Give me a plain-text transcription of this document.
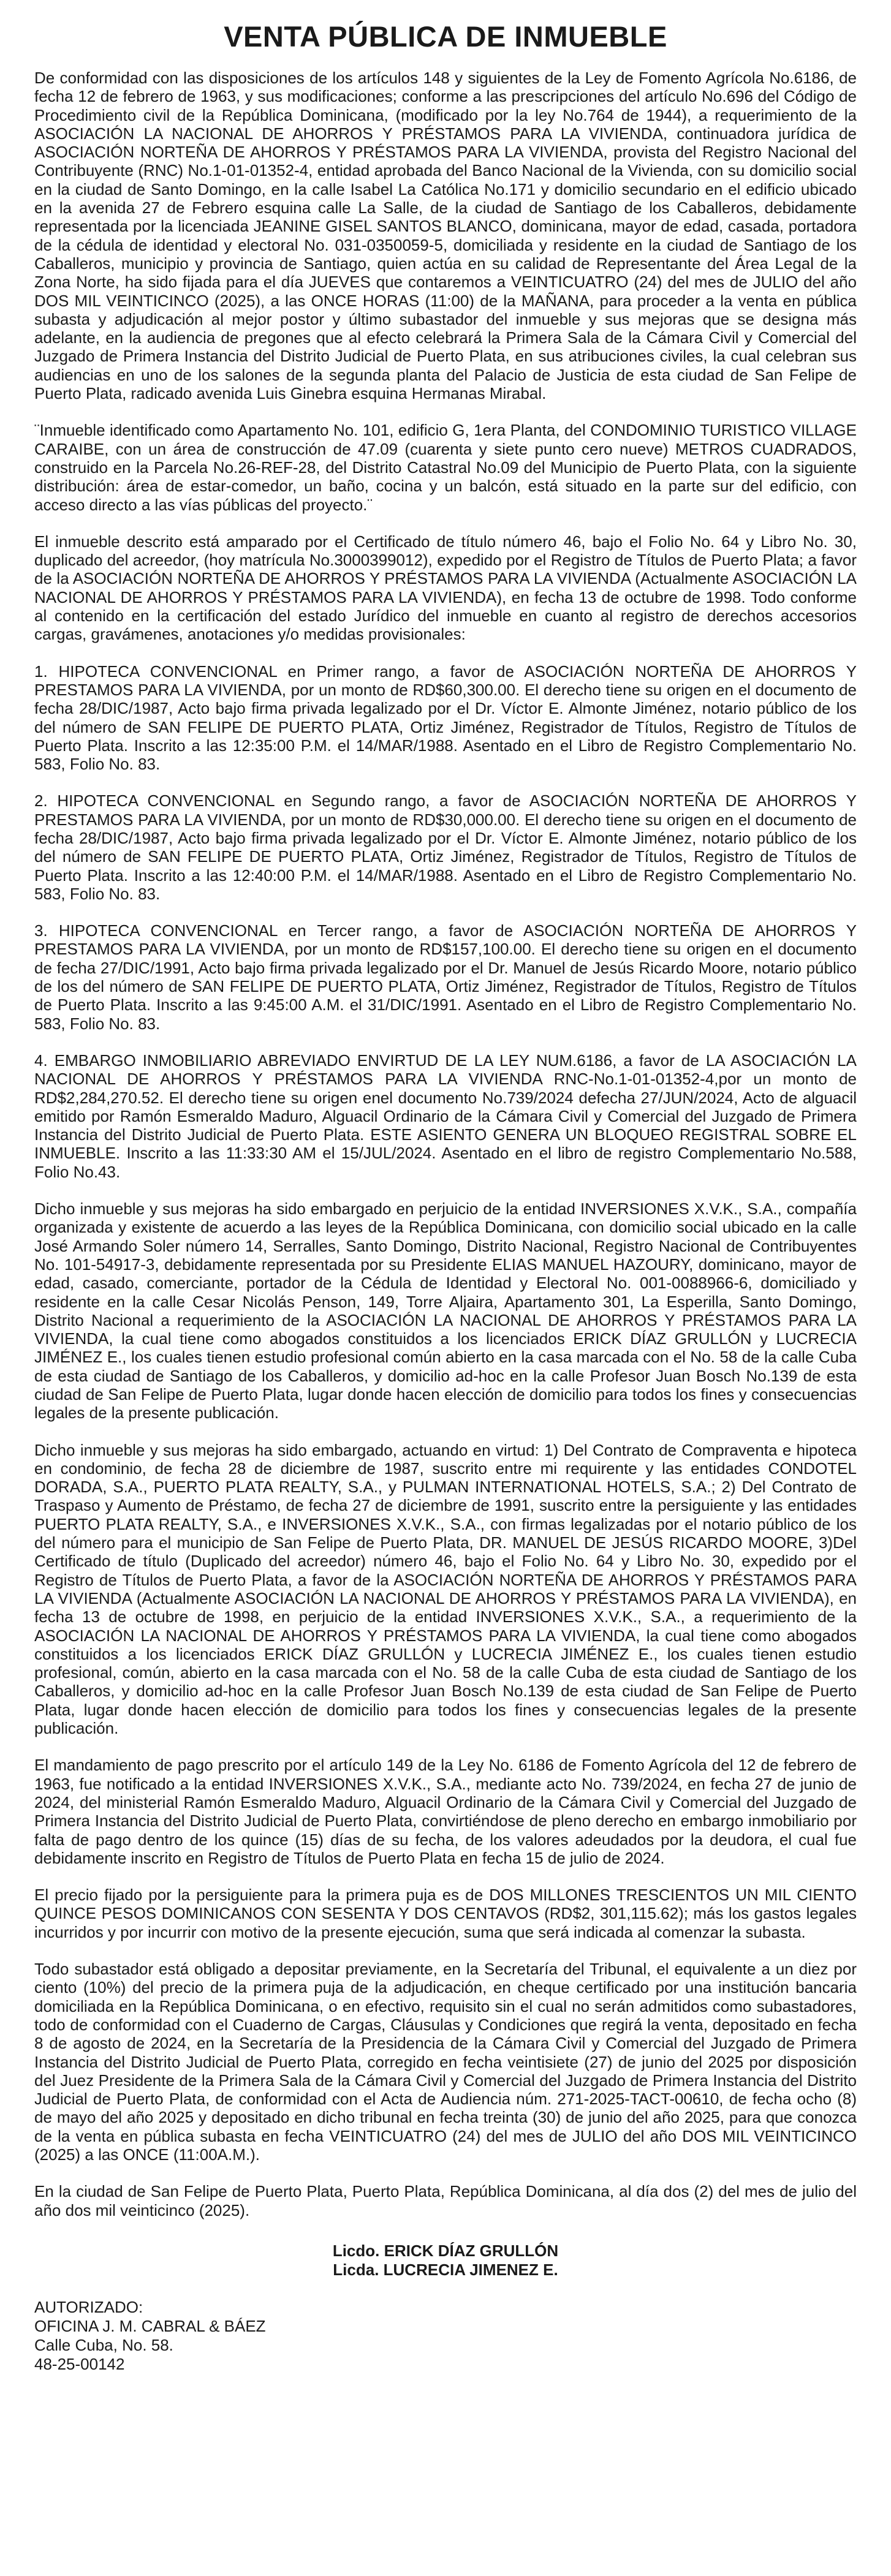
VENTA PÚBLICA DE INMUEBLE

De conformidad con las disposiciones de los artículos 148 y siguientes de la Ley de Fomento Agrícola No.6186, de fecha 12 de febrero de 1963, y sus modificaciones; conforme a las prescripciones del artículo No.696 del Código de Procedimiento civil de la República Dominicana, (modificado por la ley No.764 de 1944), a requerimiento de la ASOCIACIÓN LA NACIONAL DE AHORROS Y PRÉSTAMOS PARA LA VIVIENDA, continuadora jurídica de ASOCIACIÓN NORTEÑA DE AHORROS Y PRÉSTAMOS PARA LA VIVIENDA, provista del Registro Nacional del Contribuyente (RNC) No.1-01-01352-4, entidad aprobada del Banco Nacional de la Vivienda, con su domicilio social en la ciudad de Santo Domingo, en la calle Isabel La Católica No.171 y domicilio secundario en el edificio ubicado en la avenida 27 de Febrero esquina calle La Salle, de la ciudad de Santiago de los Caballeros, debidamente representada por la licenciada JEANINE GISEL SANTOS BLANCO, dominicana, mayor de edad, casada, portadora de la cédula de identidad y electoral No. 031-0350059-5, domiciliada y residente en la ciudad de Santiago de los Caballeros, municipio y provincia de Santiago, quien actúa en su calidad de Representante del Área Legal de la Zona Norte, ha sido fijada para el día JUEVES que contaremos a VEINTICUATRO (24) del mes de JULIO del año DOS MIL VEINTICINCO (2025), a las ONCE HORAS (11:00) de la MAÑANA, para proceder a la venta en pública subasta y adjudicación al mejor postor y último subastador del inmueble y sus mejoras que se designa más adelante, en la audiencia de pregones que al efecto celebrará la Primera Sala de la Cámara Civil y Comercial del Juzgado de Primera Instancia del Distrito Judicial de Puerto Plata, en sus atribuciones civiles, la cual celebran sus audiencias en uno de los salones de la segunda planta del Palacio de Justicia de esta ciudad de San Felipe de Puerto Plata, radicado avenida Luis Ginebra esquina Hermanas Mirabal.

¨Inmueble identificado como Apartamento No. 101, edificio G, 1era Planta, del CONDOMINIO TURISTICO VILLAGE CARAIBE, con un área de construcción de 47.09 (cuarenta y siete punto cero nueve) METROS CUADRADOS, construido en la Parcela No.26-REF-28, del Distrito Catastral No.09 del Municipio de Puerto Plata, con la siguiente distribución: área de estar-comedor, un baño, cocina y un balcón, está situado en la parte sur del edificio, con acceso directo a las vías públicas del proyecto.¨

El inmueble descrito está amparado por el Certificado de título número 46, bajo el Folio No. 64 y Libro No. 30, duplicado del acreedor, (hoy matrícula No.3000399012), expedido por el Registro de Títulos de Puerto Plata; a favor de la ASOCIACIÓN NORTEÑA DE AHORROS Y PRÉSTAMOS PARA LA VIVIENDA (Actualmente ASOCIACIÓN LA NACIONAL DE AHORROS Y PRÉSTAMOS PARA LA VIVIENDA), en fecha 13 de octubre de 1998. Todo conforme al contenido en la certificación del estado Jurídico del inmueble en cuanto al registro de derechos accesorios cargas, gravámenes, anotaciones y/o medidas provisionales:

1. HIPOTECA CONVENCIONAL en Primer rango, a favor de ASOCIACIÓN NORTEÑA DE AHORROS Y PRESTAMOS PARA LA VIVIENDA, por un monto de RD$60,300.00. El derecho tiene su origen en el documento de fecha 28/DIC/1987, Acto bajo firma privada legalizado por el Dr. Víctor E. Almonte Jiménez, notario público de los del número de SAN FELIPE DE PUERTO PLATA, Ortiz Jiménez, Registrador de Títulos, Registro de Títulos de Puerto Plata. Inscrito a las 12:35:00 P.M. el 14/MAR/1988. Asentado en el Libro de Registro Complementario No. 583, Folio No. 83.

2. HIPOTECA CONVENCIONAL en Segundo rango, a favor de ASOCIACIÓN NORTEÑA DE AHORROS Y PRESTAMOS PARA LA VIVIENDA, por un monto de RD$30,000.00. El derecho tiene su origen en el documento de fecha 28/DIC/1987, Acto bajo firma privada legalizado por el Dr. Víctor E. Almonte Jiménez, notario público de los del número de SAN FELIPE DE PUERTO PLATA, Ortiz Jiménez, Registrador de Títulos, Registro de Títulos de Puerto Plata. Inscrito a las 12:40:00 P.M. el 14/MAR/1988. Asentado en el Libro de Registro Complementario No. 583, Folio No. 83.

3. HIPOTECA CONVENCIONAL en Tercer rango, a favor de ASOCIACIÓN NORTEÑA DE AHORROS Y PRESTAMOS PARA LA VIVIENDA, por un monto de RD$157,100.00. El derecho tiene su origen en el documento de fecha 27/DIC/1991, Acto bajo firma privada legalizado por el Dr. Manuel de Jesús Ricardo Moore, notario público de los del número de SAN FELIPE DE PUERTO PLATA, Ortiz Jiménez, Registrador de Títulos, Registro de Títulos de Puerto Plata. Inscrito a las 9:45:00 A.M. el 31/DIC/1991. Asentado en el Libro de Registro Complementario No. 583, Folio No. 83.

4. EMBARGO INMOBILIARIO ABREVIADO ENVIRTUD DE LA LEY NUM.6186, a favor de LA ASOCIACIÓN LA NACIONAL DE AHORROS Y PRÉSTAMOS PARA LA VIVIENDA RNC-No.1-01-01352-4,por un monto de RD$2,284,270.52. El derecho tiene su origen enel documento No.739/2024 defecha 27/JUN/2024, Acto de alguacil emitido por Ramón Esmeraldo Maduro, Alguacil Ordinario de la Cámara Civil y Comercial del Juzgado de Primera Instancia del Distrito Judicial de Puerto Plata. ESTE ASIENTO GENERA UN BLOQUEO REGISTRAL SOBRE EL INMUEBLE. Inscrito a las 11:33:30 AM el 15/JUL/2024. Asentado en el libro de registro Complementario No.588, Folio No.43.

Dicho inmueble y sus mejoras ha sido embargado en perjuicio de la entidad INVERSIONES X.V.K., S.A., compañía organizada y existente de acuerdo a las leyes de la República Dominicana, con domicilio social ubicado en la calle José Armando Soler número 14, Serralles, Santo Domingo, Distrito Nacional, Registro Nacional de Contribuyentes No. 101-54917-3, debidamente representada por su Presidente ELIAS MANUEL HAZOURY, dominicano, mayor de edad, casado, comerciante, portador de la Cédula de Identidad y Electoral No. 001-0088966-6, domiciliado y residente en la calle Cesar Nicolás Penson, 149, Torre Aljaira, Apartamento 301, La Esperilla, Santo Domingo, Distrito Nacional a requerimiento de la ASOCIACIÓN LA NACIONAL DE AHORROS Y PRÉSTAMOS PARA LA VIVIENDA, la cual tiene como abogados constituidos a los licenciados ERICK DÍAZ GRULLÓN y LUCRECIA JIMÉNEZ E., los cuales tienen estudio profesional común abierto en la casa marcada con el No. 58 de la calle Cuba de esta ciudad de Santiago de los Caballeros, y domicilio ad-hoc en la calle Profesor Juan Bosch No.139 de esta ciudad de San Felipe de Puerto Plata, lugar donde hacen elección de domicilio para todos los fines y consecuencias legales de la presente publicación.

Dicho inmueble y sus mejoras ha sido embargado, actuando en virtud: 1) Del Contrato de Compraventa e hipoteca en condominio, de fecha 28 de diciembre de 1987, suscrito entre mi requirente y las entidades CONDOTEL DORADA, S.A., PUERTO PLATA REALTY, S.A., y PULMAN INTERNATIONAL HOTELS, S.A.; 2) Del Contrato de Traspaso y Aumento de Préstamo, de fecha 27 de diciembre de 1991, suscrito entre la persiguiente y las entidades PUERTO PLATA REALTY, S.A., e INVERSIONES X.V.K., S.A., con firmas legalizadas por el notario público de los del número para el municipio de San Felipe de Puerto Plata, DR. MANUEL DE JESÚS RICARDO MOORE, 3)Del Certificado de título (Duplicado del acreedor) número 46, bajo el Folio No. 64 y Libro No. 30, expedido por el Registro de Títulos de Puerto Plata, a favor de la ASOCIACIÓN NORTEÑA DE AHORROS Y PRÉSTAMOS PARA LA VIVIENDA (Actualmente ASOCIACIÓN LA NACIONAL DE AHORROS Y PRÉSTAMOS PARA LA VIVIENDA), en fecha 13 de octubre de 1998, en perjuicio de la entidad INVERSIONES X.V.K., S.A., a requerimiento de la ASOCIACIÓN LA NACIONAL DE AHORROS Y PRÉSTAMOS PARA LA VIVIENDA, la cual tiene como abogados constituidos a los licenciados ERICK DÍAZ GRULLÓN y LUCRECIA JIMÉNEZ E., los cuales tienen estudio profesional, común, abierto en la casa marcada con el No. 58 de la calle Cuba de esta ciudad de Santiago de los Caballeros, y domicilio ad-hoc en la calle Profesor Juan Bosch No.139 de esta ciudad de San Felipe de Puerto Plata, lugar donde hacen elección de domicilio para todos los fines y consecuencias legales de la presente publicación.

El mandamiento de pago prescrito por el artículo 149 de la Ley No. 6186 de Fomento Agrícola del 12 de febrero de 1963, fue notificado a la entidad INVERSIONES X.V.K., S.A., mediante acto No. 739/2024, en fecha 27 de junio de 2024, del ministerial Ramón Esmeraldo Maduro, Alguacil Ordinario de la Cámara Civil y Comercial del Juzgado de Primera Instancia del Distrito Judicial de Puerto Plata, convirtiéndose de pleno derecho en embargo inmobiliario por falta de pago dentro de los quince (15) días de su fecha, de los valores adeudados por la deudora, el cual fue debidamente inscrito en Registro de Títulos de Puerto Plata en fecha 15 de julio de 2024.

El precio fijado por la persiguiente para la primera puja es de DOS MILLONES TRESCIENTOS UN MIL CIENTO QUINCE PESOS DOMINICANOS CON SESENTA Y DOS CENTAVOS (RD$2, 301,115.62); más los gastos legales incurridos y por incurrir con motivo de la presente ejecución, suma que será indicada al comenzar la subasta.

Todo subastador está obligado a depositar previamente, en la Secretaría del Tribunal, el equivalente a un diez por ciento (10%) del precio de la primera puja de la adjudicación, en cheque certificado por una institución bancaria domiciliada en la República Dominicana, o en efectivo, requisito sin el cual no serán admitidos como subastadores, todo de conformidad con el Cuaderno de Cargas, Cláusulas y Condiciones que regirá la venta, depositado en fecha 8 de agosto de 2024, en la Secretaría de la Presidencia de la Cámara Civil y Comercial del Juzgado de Primera Instancia del Distrito Judicial de Puerto Plata, corregido en fecha veintisiete (27) de junio del 2025 por disposición del Juez Presidente de la Primera Sala de la Cámara Civil y Comercial del Juzgado de Primera Instancia del Distrito Judicial de Puerto Plata, de conformidad con el Acta de Audiencia núm. 271-2025-TACT-00610, de fecha ocho (8) de mayo del año 2025 y depositado en dicho tribunal en fecha treinta (30) de junio del año 2025, para que conozca de la venta en pública subasta en fecha VEINTICUATRO (24) del mes de JULIO del año DOS MIL VEINTICINCO (2025) a las ONCE (11:00A.M.).

En la ciudad de San Felipe de Puerto Plata, Puerto Plata, República Dominicana, al día dos (2) del mes de julio del año dos mil veinticinco (2025).

Licdo. ERICK DÍAZ GRULLÓN
Licda. LUCRECIA JIMENEZ E.
AUTORIZADO:
OFICINA J. M. CABRAL & BÁEZ
Calle Cuba, No. 58.
48-25-00142
